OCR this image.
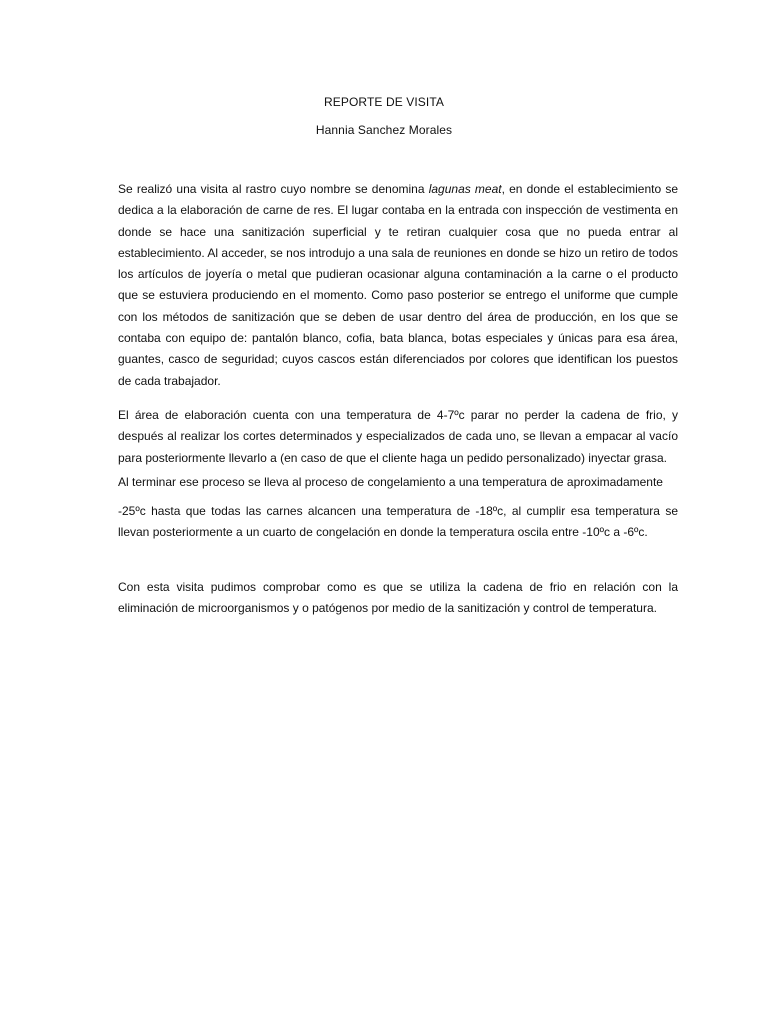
REPORTE DE VISITA
Hannia Sanchez Morales

Se realizó una visita al rastro cuyo nombre se denomina lagunas meat, en donde el establecimiento se dedica a la elaboración de carne de res. El lugar contaba en la entrada con inspección de vestimenta en donde se hace una sanitización superficial y te retiran cualquier cosa que no pueda entrar al establecimiento. Al acceder, se nos introdujo a una sala de reuniones en donde se hizo un retiro de todos los artículos de joyería o metal que pudieran ocasionar alguna contaminación a la carne o el producto que se estuviera produciendo en el momento. Como paso posterior se entrego el uniforme que cumple con los métodos de sanitización que se deben de usar dentro del área de producción, en los que se contaba con equipo de: pantalón blanco, cofia, bata blanca, botas especiales y únicas para esa área, guantes, casco de seguridad; cuyos cascos están diferenciados por colores que identifican los puestos de cada trabajador.

El área de elaboración cuenta con una temperatura de 4-7ºc parar no perder la cadena de frio, y después al realizar los cortes determinados y especializados de cada uno, se llevan a empacar al vacío para posteriormente llevarlo a (en caso de que el cliente haga un pedido personalizado) inyectar grasa.

Al terminar ese proceso se lleva al proceso de congelamiento a una temperatura de aproximadamente

-25ºc hasta que todas las carnes alcancen una temperatura de -18ºc, al cumplir esa temperatura se llevan posteriormente a un cuarto de congelación en donde la temperatura oscila entre -10ºc a -6ºc.

Con esta visita pudimos comprobar como es que se utiliza la cadena de frio en relación con la eliminación de microorganismos y o patógenos por medio de la sanitización y control de temperatura.
